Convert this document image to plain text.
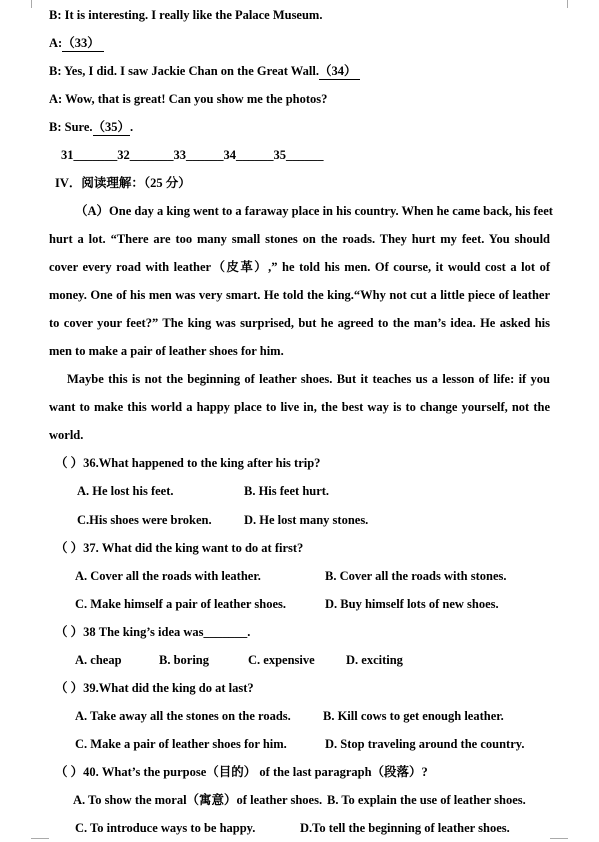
B: It is interesting. I really like the Palace Museum.
A:（33）
B: Yes, I did. I saw Jackie Chan on the Great Wall.（34）
A: Wow, that is great! Can you show me the photos?
B: Sure.（35）.
31_______32_______33______34______35______
IV．阅读理解：（25 分）
（A）One day a king went to a faraway place in his country. When he came back, his feet
hurt a lot. “There are too many small stones on the roads. They hurt my feet. You should
cover every road with leather（皮革）,” he told his men. Of course, it would cost a lot of
money. One of his men was very smart. He told the king.“Why not cut a little piece of leather
to cover your feet?” The king was surprised, but he agreed to the man’s idea. He asked his
men to make a pair of leather shoes for him.
Maybe this is not the beginning of leather shoes. But it teaches us a lesson of life: if you
want to make this world a happy place to live in, the best way is to change yourself, not the
world.
（ ）36.What happened to the king after his trip?
A. He lost his feet.	B. His feet hurt.
C.His shoes were broken.	D. He lost many stones.
（ ）37. What did the king want to do at first?
A. Cover all the roads with leather.	B. Cover all the roads with stones.
C. Make himself a pair of leather shoes.	D. Buy himself lots of new shoes.
（ ）38 The king’s idea was_______.
A. cheap	B. boring	C. expensive	D. exciting
（ ）39.What did the king do at last?
A. Take away all the stones on the roads.	B. Kill cows to get enough leather.
C. Make a pair of leather shoes for him.	D. Stop traveling around the country.
（ ）40. What’s the purpose（目的） of the last paragraph（段落）?
A. To show the moral（寓意）of leather shoes. B. To explain the use of leather shoes.
C. To introduce ways to be happy.	D.To tell the beginning of leather shoes.
